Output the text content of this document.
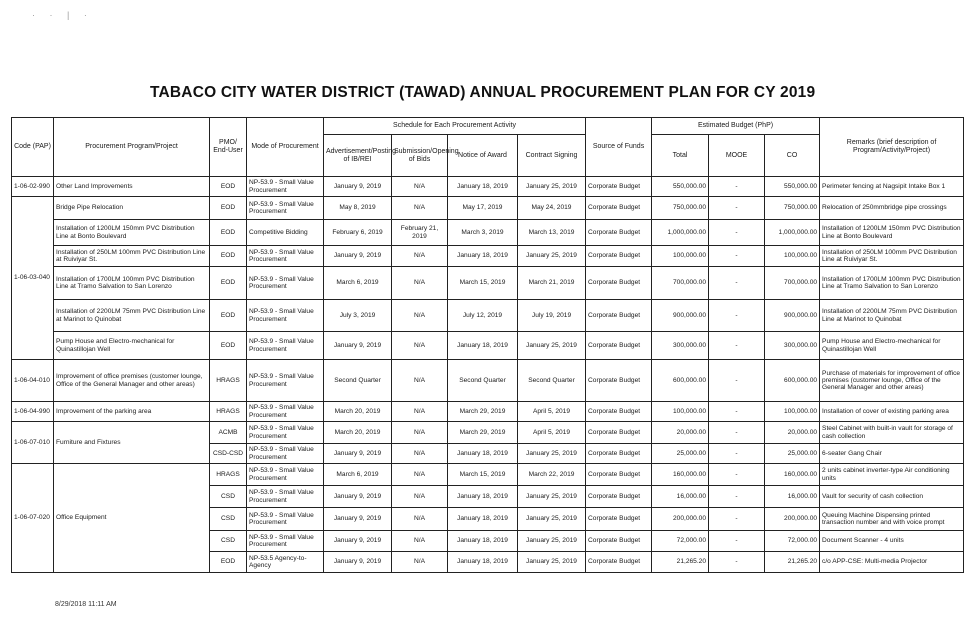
· · | ·
TABACO CITY WATER DISTRICT (TAWAD) ANNUAL PROCUREMENT PLAN FOR CY 2019
Code (PAP)	Procurement Program/Project	PMO/ End-User	Mode of Procurement	Schedule for Each Procurement Activity				Source of Funds	Estimated Budget (PhP)			Remarks (brief description of Program/Activity/Project)
				Advertisement/Posting of IB/REI	Submission/Opening of Bids	Notice of Award	Contract Signing		Total	MOOE	CO	
1-06-02-990	Other Land Improvements	EOD	NP-53.9 - Small Value Procurement	January 9, 2019	N/A	January 18, 2019	January 25, 2019	Corporate Budget	550,000.00	-	550,000.00	Perimeter fencing at Nagsipit Intake Box 1
1-06-03-040	Bridge Pipe Relocation	EOD	NP-53.9 - Small Value Procurement	May 8, 2019	N/A	May 17, 2019	May 24, 2019	Corporate Budget	750,000.00	-	750,000.00	Relocation of 250mmbridge pipe crossings
	Installation of 1200LM 150mm PVC Distribution Line at Bonto Boulevard	EOD	Competitive Bidding	February 6, 2019	February 21, 2019	March 3, 2019	March 13, 2019	Corporate Budget	1,000,000.00	-	1,000,000.00	Installation of 1200LM 150mm PVC Distribution Line at Bonto Boulevard
	Installation of 250LM 100mm PVC Distribution Line at Ruiviyar St.	EOD	NP-53.9 - Small Value Procurement	January 9, 2019	N/A	January 18, 2019	January 25, 2019	Corporate Budget	100,000.00	-	100,000.00	Installation of 250LM 100mm PVC Distribution Line at Ruiviyar St.
	Installation of 1700LM 100mm PVC Distribution Line at Tramo Salvation to San Lorenzo	EOD	NP-53.9 - Small Value Procurement	March 6, 2019	N/A	March 15, 2019	March 21, 2019	Corporate Budget	700,000.00	-	700,000.00	Installation of 1700LM 100mm PVC Distribution Line at Tramo Salvation to San Lorenzo
	Installation of 2200LM 75mm PVC Distribution Line at Marinot to Quinobat	EOD	NP-53.9 - Small Value Procurement	July 3, 2019	N/A	July 12, 2019	July 19, 2019	Corporate Budget	900,000.00	-	900,000.00	Installation of 2200LM 75mm PVC Distribution Line at Marinot to Quinobat
	Pump House and Electro-mechanical for Quinastillojan Well	EOD	NP-53.9 - Small Value Procurement	January 9, 2019	N/A	January 18, 2019	January 25, 2019	Corporate Budget	300,000.00	-	300,000.00	Pump House and Electro-mechanical for Quinastillojan Well
1-06-04-010	Improvement of office premises (customer lounge, Office of the General Manager and other areas)	HRAGS	NP-53.9 - Small Value Procurement	Second Quarter	N/A	Second Quarter	Second Quarter	Corporate Budget	600,000.00	-	600,000.00	Purchase of materials for improvement of office premises (customer lounge, Office of the General Manager and other areas)
1-06-04-990	Improvement of the parking area	HRAGS	NP-53.9 - Small Value Procurement	March 20, 2019	N/A	March 29, 2019	April 5, 2019	Corporate Budget	100,000.00	-	100,000.00	Installation of cover of existing parking area
1-06-07-010	Furniture and Fixtures	ACMB	NP-53.9 - Small Value Procurement	March 20, 2019	N/A	March 29, 2019	April 5, 2019	Corporate Budget	20,000.00	-	20,000.00	Steel Cabinet with built-in vault for storage of cash collection
		CSD-CSD	NP-53.9 - Small Value Procurement	January 9, 2019	N/A	January 18, 2019	January 25, 2019	Corporate Budget	25,000.00	-	25,000.00	6-seater Gang Chair
1-06-07-020	Office Equipment	HRAGS	NP-53.9 - Small Value Procurement	March 6, 2019	N/A	March 15, 2019	March 22, 2019	Corporate Budget	160,000.00	-	160,000.00	2 units cabinet inverter-type Air conditioning units
		CSD	NP-53.9 - Small Value Procurement	January 9, 2019	N/A	January 18, 2019	January 25, 2019	Corporate Budget	16,000.00	-	16,000.00	Vault for security of cash collection
		CSD	NP-53.9 - Small Value Procurement	January 9, 2019	N/A	January 18, 2019	January 25, 2019	Corporate Budget	200,000.00	-	200,000.00	Queuing Machine Dispensing printed transaction number and with voice prompt
		CSD	NP-53.9 - Small Value Procurement	January 9, 2019	N/A	January 18, 2019	January 25, 2019	Corporate Budget	72,000.00	-	72,000.00	Document Scanner - 4 units
		EOD	NP-53.5 Agency-to-Agency	January 9, 2019	N/A	January 18, 2019	January 25, 2019	Corporate Budget	21,265.20	-	21,265.20	c/o APP-CSE: Multi-media Projector
8/29/2018 11:11 AM
